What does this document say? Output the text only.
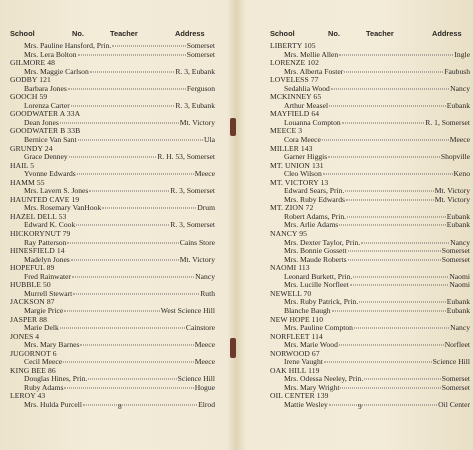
School	No.	Teacher	Address
Mrs. Pauline Hansford, Prin.	Somerset
Mrs. Lera Bolton	Somerset
GILMORE 48
Mrs. Maggie Carlson	R. 3, Eubank
GODBY 121
Barbara Jones	Ferguson
GOOCH 59
Lorenza Carter	R. 3, Eubank
GOODWATER A 33A
Dean Jones	Mt. Victory
GOODWATER B 33B
Bernice Van Sant	Ula
GRUNDY 24
Grace Denney	R. H. 53, Somerset
HAIL 5
Yvonne Edwards	Meece
HAMM 55
Mrs. Lavern S. Jones	R. 3, Somerset
HAUNTED CAVE 19
Mrs. Rosemary VanHook	Drum
HAZEL DELL 53
Edward K. Cook	R. 3, Somerset
HICKORYNUT 79
Ray Patterson	Cains Store
HINESFIELD 14
Madelyn Jones	Mt. Victory
HOPEFUL 89
Fred Rainwater	Nancy
HUBBLE 50
Murrell Stewart	Ruth
JACKSON 87
Margie Price	West Science Hill
JASPER 88
Marie Delk	Cainstore
JONES 4
Mrs. Mary Barnes	Meece
JUGORNOT 6
Cecil Meece	Meece
KING BEE 86
Douglas Hines, Prin.	Science Hill
Ruby Adams	Hogue
LEROY 43
Mrs. Hulda Purcell	Elrod
School	No.	Teacher	Address
LIBERTY 105
Mrs. Mellie Allen	Ingle
LORENZE 102
Mrs. Alberta Foster	Faubush
LOVELESS 77
Sedahlia Wood	Nancy
MCKINNEY 65
Arthur Measel	Eubank
MAYFIELD 64
Louanna Compton	R. 1, Somerset
MEECE 3
Cora Meece	Meece
MILLER 143
Garner Higgis	Shopville
MT. UNION 131
Cleo Wilson	Keno
MT. VICTORY 13
Edward Sears, Prin.	Mt. Victory
Mrs. Ruby Edwards	Mt. Victory
MT. ZION 72
Robert Adams, Prin.	Eubank
Mrs. Arlie Adams	Eubank
NANCY 95
Mrs. Dexter Taylor, Prin.	Nancy
Mrs. Bonnie Gossett	Somerset
Mrs. Maude Roberts	Somerset
NAOMI 113
Leonard Burkett, Prin.	Naomi
Mrs. Lucille Norfleet	Naomi
NEWELL 70
Mrs. Ruby Patrick, Prin.	Eubank
Blanche Baugh	Eubank
NEW HOPE 110
Mrs. Pauline Compton	Nancy
NORFLEET 114
Mrs. Marie Wood	Norfleet
NORWOOD 67
Irene Vaught	Science Hill
OAK HILL 119
Mrs. Odessa Neeley, Prin.	Somerset
Mrs. Mary Wright	Somerset
OIL CENTER 139
Mattie Wesley	Oil Center
8	9
